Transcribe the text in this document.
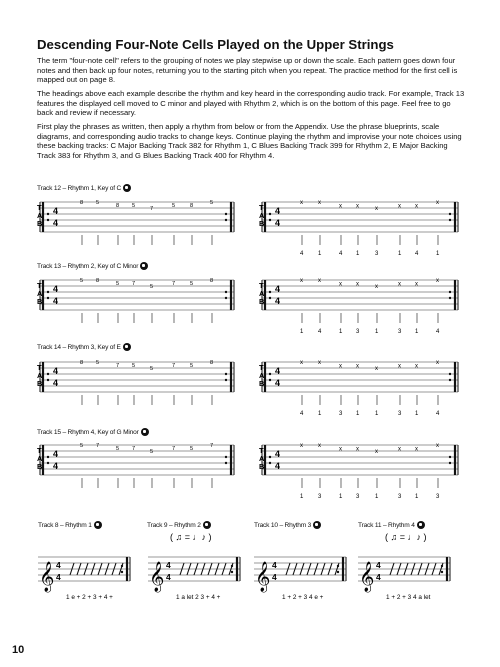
Descending Four-Note Cells Played on the Upper Strings

The term "four-note cell" refers to the grouping of notes we play stepwise up or down the scale. Each pattern goes down four notes and then back up four notes, returning you to the starting pitch when you repeat. The practice method for the first cell is mapped out on page 8.

The headings above each example describe the rhythm and key heard in the corresponding audio track. For example, Track 13 features the displayed cell moved to C minor and played with Rhythm 2, which is on the bottom of this page. Feel free to go back and review if necessary.

First play the phrases as written, then apply a rhythm from below or from the Appendix. Use the phrase blueprints, scale diagrams, and corresponding audio tracks to change keys. Continue playing the rhythm and improvise your note choices using these backing tracks: C Major Backing Track 382 for Rhythm 1, C Blues Backing Track 399 for Rhythm 2, E Major Backing Track 383 for Rhythm 3, and G Blues Backing Track 400 for Rhythm 4.

Track 12 – Rhythm 1, Key of C
Track 13 – Rhythm 2, Key of C Minor
Track 14 – Rhythm 3, Key of E
Track 15 – Rhythm 4, Key of G Minor
Track 8 – Rhythm 1	Track 9 – Rhythm 2	Track 10 – Rhythm 3	Track 11 – Rhythm 4
T
A
B
4
4
T
A
B
4
4
8 5	8 5	7	5	8	5	x
4
x
1
x
4
x
1
x
3
x
1
x
4
x
1
T
A
B
4
4
T
A
B
4
4
5 8	5 7	5	7	5	8	x
1
x
4
x
1
x
3
x
1
x
3
x
1
x
4
T
A
B
4
4
T
A
B
4
4
8 5	7 5	5	7	5	8	x
4
x
1
x
3
x
1
x
1
x
3
x
1
x
4
T
A
B
4
4
T
A
B
4
4
5 7	5 7	5	7	5	7	x
1
x
3
x
1
x
3
x
1
x
3
x
1
x
3
𝄞 4
4
1 e + 2 + 3 + 4 +
𝄞 4
4
1 a let 2 3 + 4 +
𝄞 4
4
1 + 2 + 3 4 e +
𝄞 4
4
1 + 2 + 3 4 a let
( ♫ = ♩♪ )	( ♫ = ♩♪ )
10
